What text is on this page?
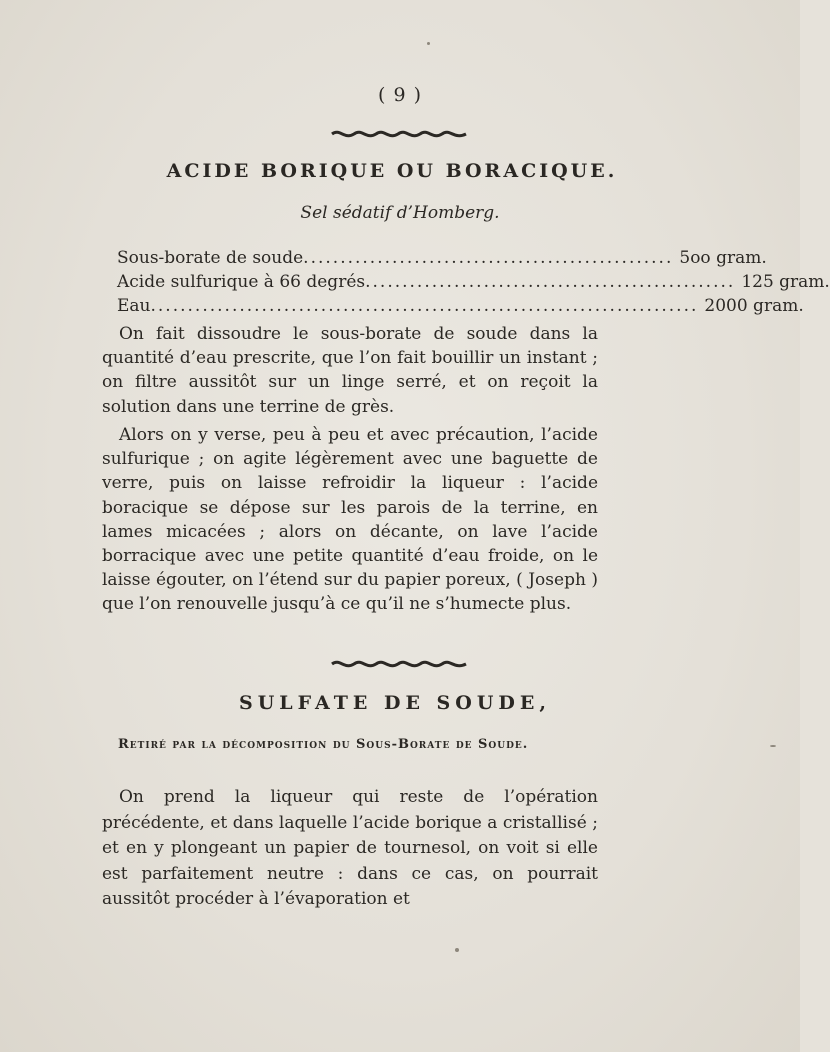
( 9 )
ACIDE BORIQUE OU BORACIQUE.
Sel sédatif d’Homberg.
Sous-borate de soude .................................................. 5oo gram.
Acide sulfurique à 66 degrés .................................................. 125 gram.
Eau .......................................................................... 2000 gram.
On fait dissoudre le sous-borate de soude dans la quantité d’eau prescrite, que l’on fait bouillir un instant ; on filtre aussitôt sur un linge serré, et on reçoit la solution dans une terrine de grès.
Alors on y verse, peu à peu et avec précaution, l’acide sulfurique ; on agite légèrement avec une baguette de verre, puis on laisse refroidir la liqueur : l’acide boracique se dépose sur les parois de la terrine, en lames micacées ; alors on décante, on lave l’acide borracique avec une petite quantité d’eau froide, on le laisse égouter, on l’étend sur du papier poreux, ( Joseph ) que l’on renouvelle jusqu’à ce qu’il ne s’humecte plus.
SULFATE DE SOUDE,
Retiré par la décomposition du Sous-Borate de Soude.
On prend la liqueur qui reste de l’opération précédente, et dans laquelle l’acide borique a cristallisé ; et en y plongeant un papier de tournesol, on voit si elle est parfaitement neutre : dans ce cas, on pourrait aussitôt procéder à l’évaporation et
